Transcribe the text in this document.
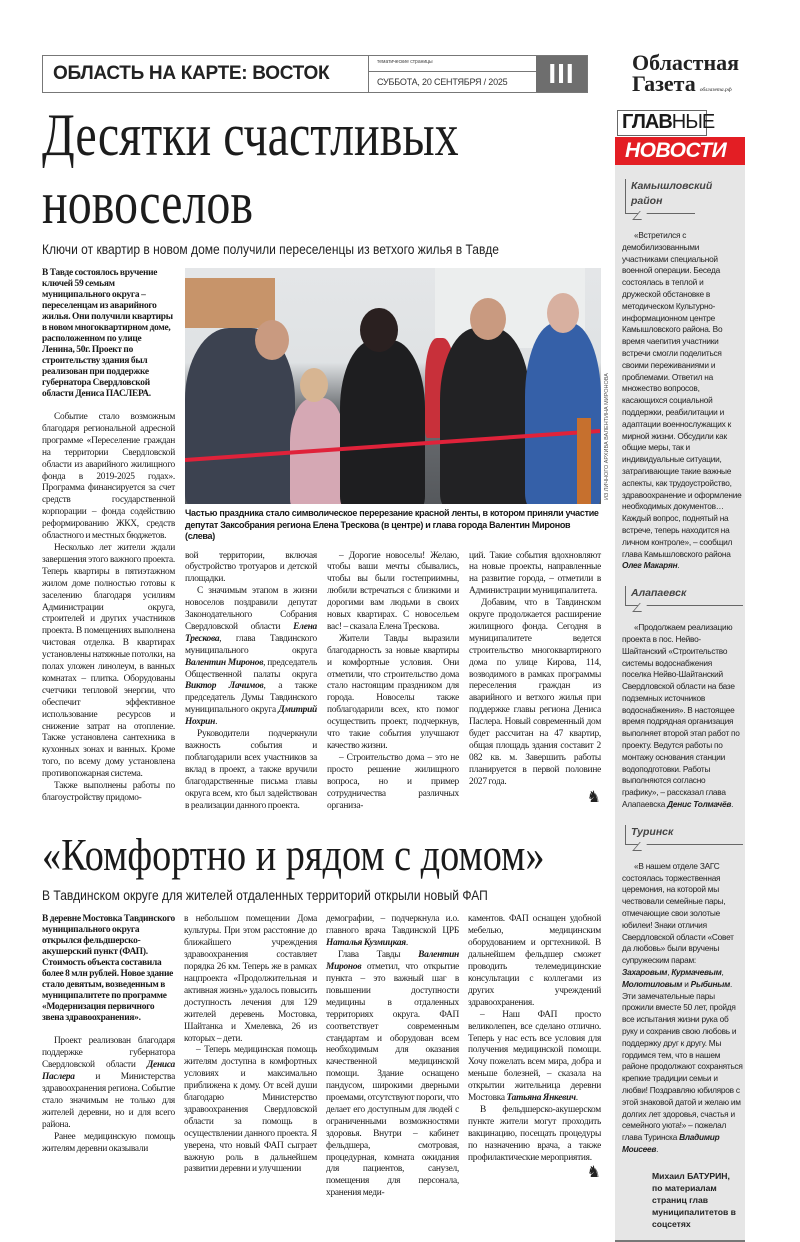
ОБЛАСТЬ НА КАРТЕ: ВОСТОК
тематические страницы
СУББОТА, 20 СЕНТЯБРЯ / 2025	III	Областная
Газета облгазета.рф
Десятки счастливых
новоселов
Ключи от квартир в новом доме получили переселенцы из ветхого жилья в Тавде

В Тавде состоялось вручение ключей 59 семьям муниципального округа – переселенцам из аварийного жилья. Они получили квартиры в новом многоквартирном доме, расположенном по улице Ленина, 50г. Проект по строительству здания был реализован при поддержке губернатора Свердловской области Дениса ПАСЛЕРА.

Событие стало возможным благодаря региональной адресной программе «Переселение граждан на территории Свердловской области из аварийного жилищного фонда в 2019-2025 годах». Программа финансируется за счет средств государственной корпорации – фонда содействию реформированию ЖКХ, средств областного и местных бюджетов.

Несколько лет жители ждали завершения этого важного проекта. Теперь квартиры в пятиэтажном жилом доме полностью готовы к заселению благодаря усилиям Администрации округа, строителей и других участников проекта. В помещениях выполнена чистовая отделка. В квартирах установлены натяжные потолки, на полах уложен линолеум, в ванных комнатах – плитка. Оборудованы счетчики тепловой энергии, что обеспечит эффективное использование ресурсов и снижение затрат на отопление. Также установлена сантехника в кухонных зонах и ванных. Кроме того, по всему дому установлена противопожарная система.

Также выполнены работы по благоустройству придомо-

ИЗ ЛИЧНОГО АРХИВА ВАЛЕНТИНА МИРОНОВА
Частью праздника стало символическое перерезание красной ленты, в котором приняли участие депутат Заксобрания региона Елена Трескова (в центре) и глава города Валентин Миронов (слева)

вой территории, включая обустройство тротуаров и детской площадки.

С значимым этапом в жизни новоселов поздравили депутат Законодательного Собрания Свердловской области Елена Трескова, глава Тавдинского муниципального округа Валентин Миронов, председатель Общественной палаты округа Виктор Лачимов, а также председатель Думы Тавдинского муниципального округа Дмитрий Нохрин.

Руководители подчеркнули важность события и поблагодарили всех участников за вклад в проект, а также вручили благодарственные письма главы округа всем, кто был задействован в реализации данного проекта.

– Дорогие новоселы! Желаю, чтобы ваши мечты сбывались, чтобы вы были гостеприимны, любили встречаться с близкими и дорогими вам людьми в своих новых квартирах. С новосельем вас! – сказала Елена Трескова.

Жители Тавды выразили благодарность за новые квартиры и комфортные условия. Они отметили, что строительство дома стало настоящим праздником для города. Новоселы также поблагодарили всех, кто помог осуществить проект, подчеркнув, что такие события улучшают качество жизни.

– Строительство дома – это не просто решение жилищного вопроса, но и пример сотрудничества различных организа-

ций. Такие события вдохновляют на новые проекты, направленные на развитие города, – отметили в Администрации муниципалитета.

Добавим, что в Тавдинском округе продолжается расширение жилищного фонда. Сегодня в муниципалитете ведется строительство многоквартирного дома по улице Кирова, 114, возводимого в рамках программы переселения граждан из аварийного и ветхого жилья при поддержке главы региона Дениса Паслера. Новый современный дом будет рассчитан на 47 квартир, общая площадь здания составит 2 082 кв. м. Завершить работы планируется в первой половине 2027 года.

♞
«Комфортно и рядом с домом»
В Тавдинском округе для жителей отдаленных территорий открыли новый ФАП

В деревне Мостовка Тавдинского муниципального округа открылся фельдшерско-акушерский пункт (ФАП). Стоимость объекта составила более 8 млн рублей. Новое здание стало девятым, возведенным в муниципалитете по программе «Модернизация первичного звена здравоохранения».

Проект реализован благодаря поддержке губернатора Свердловской области Дениса Паслера и Министерства здравоохранения региона. Событие стало значимым не только для жителей деревни, но и для всего района.

Ранее медицинскую помощь жителям деревни оказывали

в небольшом помещении Дома культуры. При этом расстояние до ближайшего учреждения здравоохранения составляет порядка 26 км. Теперь же в рамках нацпроекта «Продолжительная и активная жизнь» удалось повысить доступность лечения для 129 жителей деревень Мостовка, Шайтанка и Хмелевка, 26 из которых – дети.

– Теперь медицинская помощь жителям доступна в комфортных условиях и максимально приближена к дому. От всей души благодарю Министерство здравоохранения Свердловской области за помощь в осуществлении данного проекта. Я уверена, что новый ФАП сыграет важную роль в дальнейшем развитии деревни и улучшении

демографии, – подчеркнула и.о. главного врача Тавдинской ЦРБ Наталья Кузмицкая.

Глава Тавды Валентин Миронов отметил, что открытие пункта – это важный шаг в повышении доступности медицины в отдаленных территориях округа. ФАП соответствует современным стандартам и оборудован всем необходимым для оказания качественной медицинской помощи. Здание оснащено пандусом, широкими дверными проемами, отсутствуют пороги, что делает его доступным для людей с ограниченными возможностями здоровья. Внутри – кабинет фельдшера, смотровая, процедурная, комната ожидания для пациентов, санузел, помещения для персонала, хранения меди-

каментов. ФАП оснащен удобной мебелью, медицинским оборудованием и оргтехникой. В дальнейшем фельдшер сможет проводить телемедицинские консультации с коллегами из других учреждений здравоохранения.

– Наш ФАП просто великолепен, все сделано отлично. Теперь у нас есть все условия для получения медицинской помощи. Хочу пожелать всем мира, добра и меньше болезней, – сказала на открытии жительница деревни Мостовка Татьяна Янкевич.

В фельдшерско-акушерском пункте жители могут проходить вакцинацию, посещать процедуры по назначению врача, а также профилактические мероприятия.

♞
ГЛАВНЫЕ
НОВОСТИ
Камышловский район

«Встретился с демобилизованными участниками специальной военной операции. Беседа состоялась в теплой и дружеской обстановке в методическом Культурно-информационном центре Камышловского района. Во время чаепития участники встречи смогли поделиться своими переживаниями и проблемами. Ответил на множество вопросов, касающихся социальной поддержки, реабилитации и адаптации военнослужащих к мирной жизни. Обсудили как общие меры, так и индивидуальные ситуации, затрагивающие такие важные аспекты, как трудоустройство, здравоохранение и оформление необходимых документов… Каждый вопрос, поднятый на встрече, теперь находится на личном контроле», – сообщил глава Камышловского района Олег Макарян.

Алапаевск

«Продолжаем реализацию проекта в пос. Нейво-Шайтанский «Строительство системы водоснабжения поселка Нейво-Шайтанский Свердловской области на базе подземных источников водоснабжения». В настоящее время подрядная организация выполняет второй этап работ по проекту. Ведутся работы по монтажу основания станции водоподготовки. Работы выполняются согласно графику», – рассказал глава Алапаевска Денис Толмачёв.

Туринск

«В нашем отделе ЗАГС состоялась торжественная церемония, на которой мы чествовали семейные пары, отмечающие свои золотые юбилеи! Знаки отличия Свердловской области «Совет да любовь» были вручены супружеским парам: Захаровым, Курмачевым, Молотиловым и Рыбиным. Эти замечательные пары прожили вместе 50 лет, пройдя все испытания жизни рука об руку и сохранив свою любовь и поддержку друг к другу. Мы гордимся тем, что в нашем районе продолжают сохраняться крепкие традиции семьи и любви! Поздравляю юбиляров с этой знаковой датой и желаю им долгих лет здоровья, счастья и семейного уюта!» – пожелал глава Туринска Владимир Моисеев.

Михаил БАТУРИН, по материалам страниц глав муниципалитетов в соцсетях
